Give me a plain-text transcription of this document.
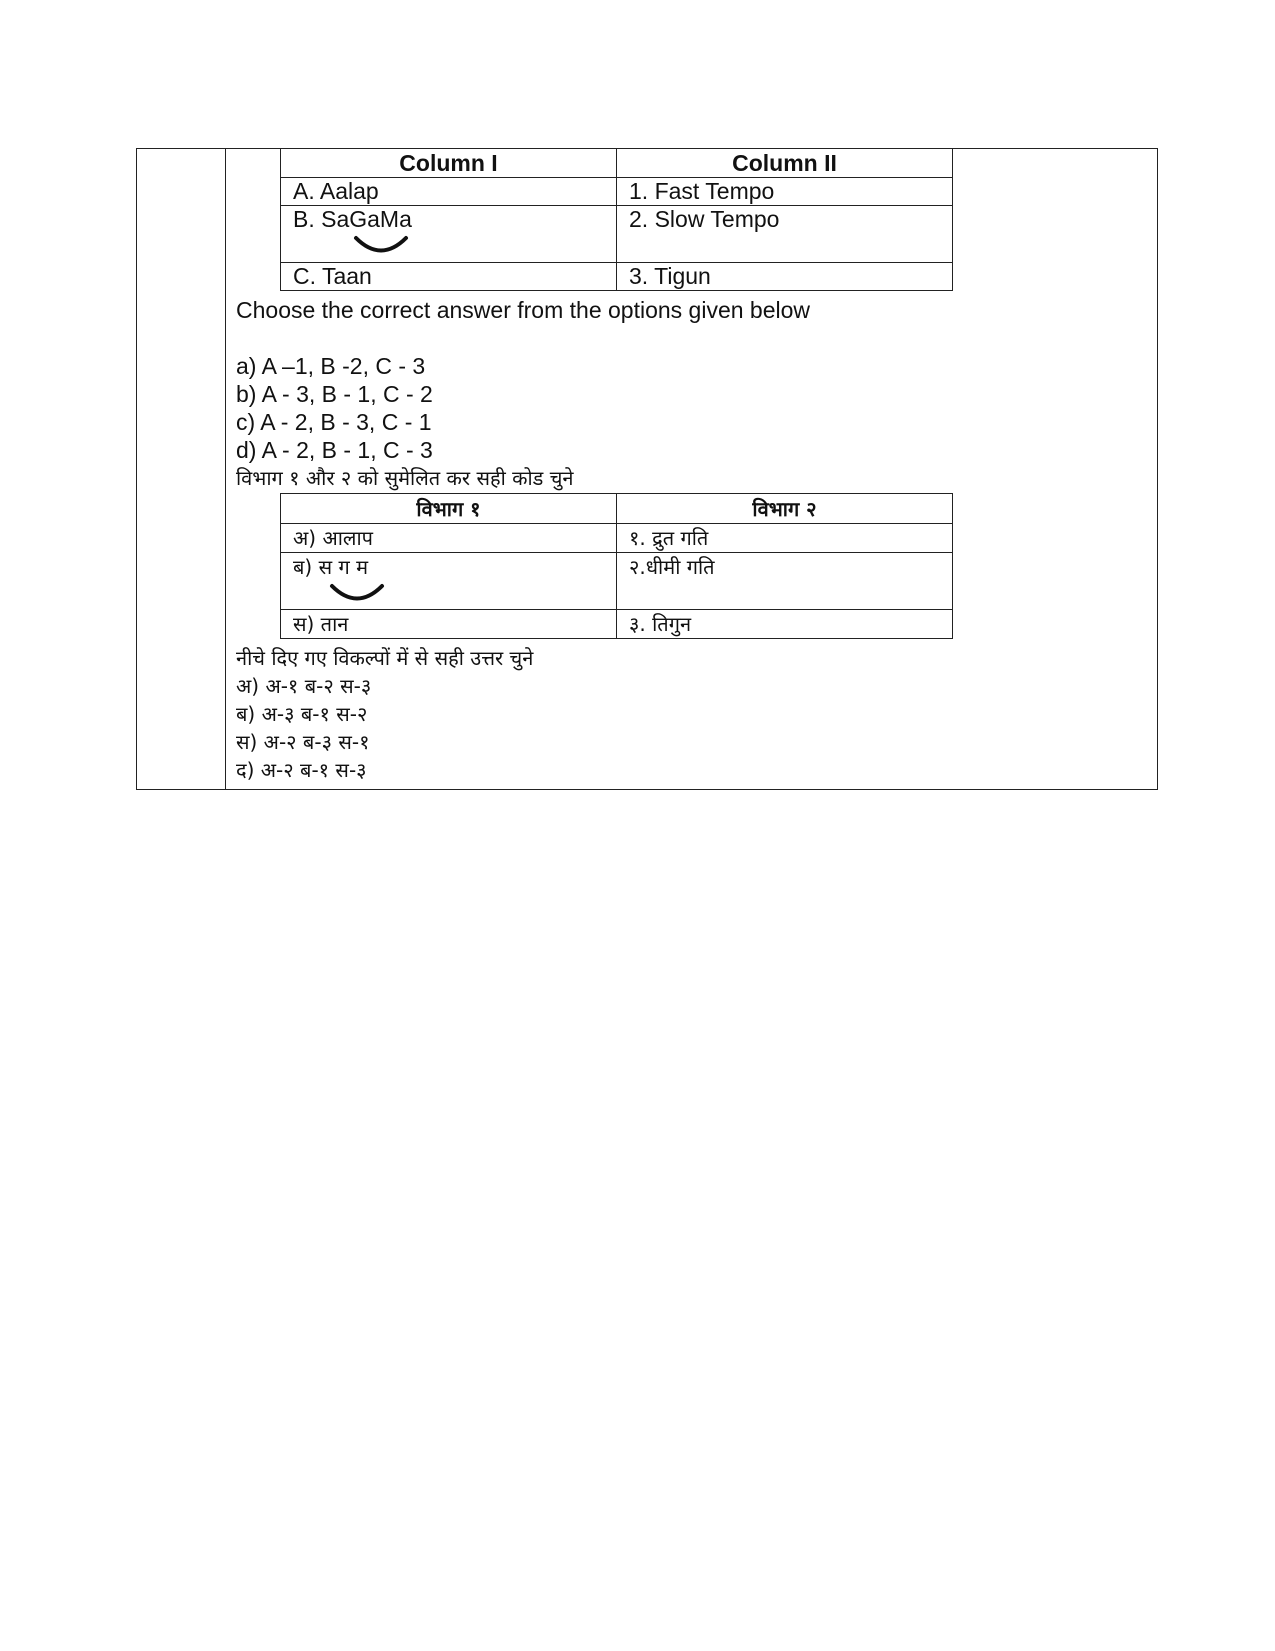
Column I	Column II
A. Aalap	1. Fast Tempo
B. SaGaMa	2. Slow Tempo
C. Taan	3. Tigun
Choose the correct answer from the options given below
a) A –1, B -2, C - 3
b) A - 3, B - 1, C - 2
c) A - 2, B - 3, C - 1
d) A - 2, B - 1, C - 3
विभाग १ और २ को सुमेलित कर सही कोड चुने
विभाग १	विभाग २
अ) आलाप	१. द्रुत गति
ब) स ग म	२.धीमी गति
स) तान	३. तिगुन
नीचे दिए गए विकल्पों में से सही उत्तर चुने
अ) अ-१ ब-२ स-३
ब) अ-३ ब-१ स-२
स) अ-२ ब-३ स-१
द) अ-२ ब-१ स-३
